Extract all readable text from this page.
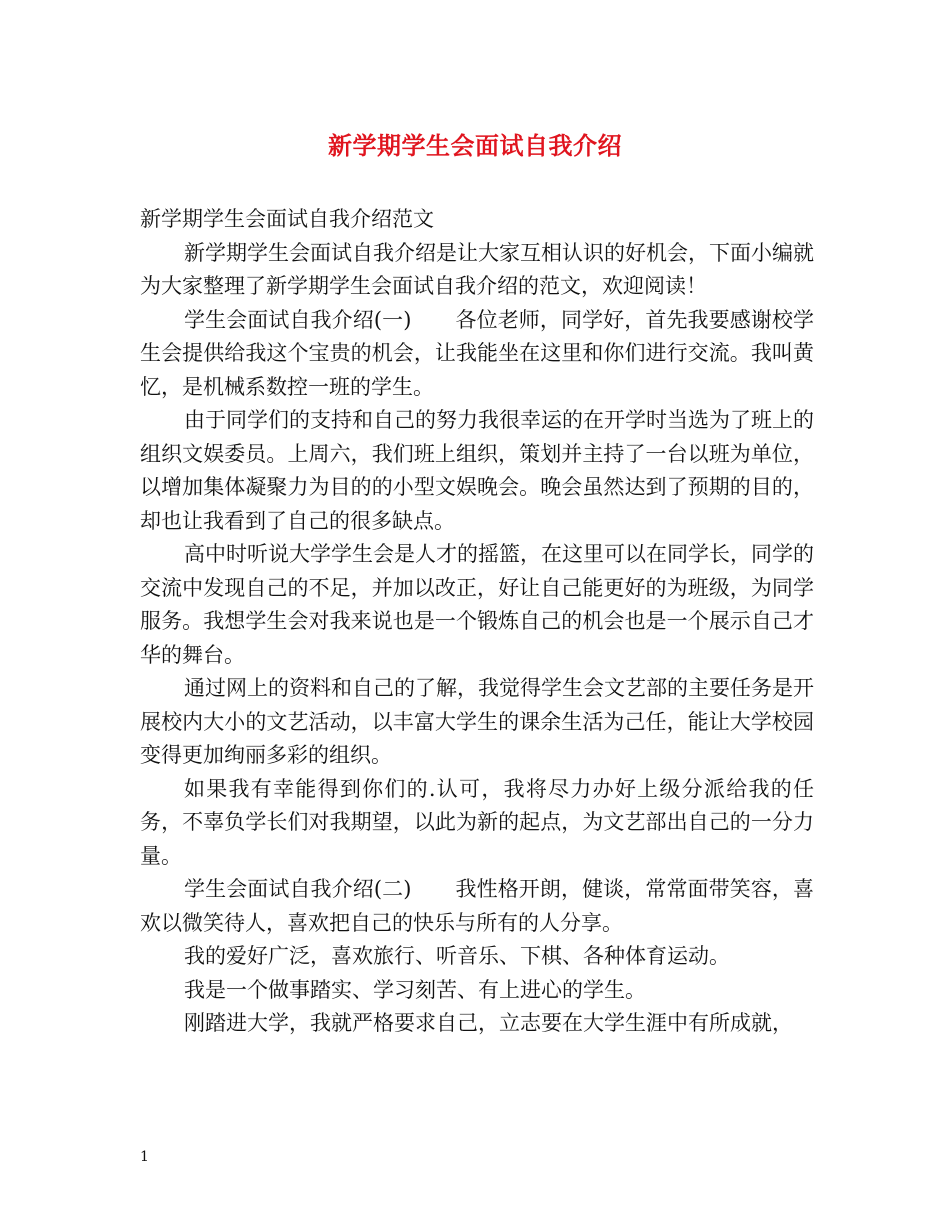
新学期学生会面试自我介绍

新学期学生会面试自我介绍范文

新学期学生会面试自我介绍是让大家互相认识的好机会，下面小编就为大家整理了新学期学生会面试自我介绍的范文，欢迎阅读！

学生会面试自我介绍(一) 各位老师，同学好，首先我要感谢校学生会提供给我这个宝贵的机会，让我能坐在这里和你们进行交流。我叫黄忆，是机械系数控一班的学生。

由于同学们的支持和自己的努力我很幸运的在开学时当选为了班上的组织文娱委员。上周六，我们班上组织，策划并主持了一台以班为单位，以增加集体凝聚力为目的的小型文娱晚会。晚会虽然达到了预期的目的，却也让我看到了自己的很多缺点。

高中时听说大学学生会是人才的摇篮，在这里可以在同学长，同学的交流中发现自己的不足，并加以改正，好让自己能更好的为班级，为同学服务。我想学生会对我来说也是一个锻炼自己的机会也是一个展示自己才华的舞台。

通过网上的资料和自己的了解，我觉得学生会文艺部的主要任务是开展校内大小的文艺活动，以丰富大学生的课余生活为己任，能让大学校园变得更加绚丽多彩的组织。

如果我有幸能得到你们的.认可，我将尽力办好上级分派给我的任务，不辜负学长们对我期望，以此为新的起点，为文艺部出自己的一分力量。

学生会面试自我介绍(二) 我性格开朗，健谈，常常面带笑容，喜欢以微笑待人，喜欢把自己的快乐与所有的人分享。

我的爱好广泛，喜欢旅行、听音乐、下棋、各种体育运动。

我是一个做事踏实、学习刻苦、有上进心的学生。

刚踏进大学，我就严格要求自己，立志要在大学生涯中有所成就，

1
